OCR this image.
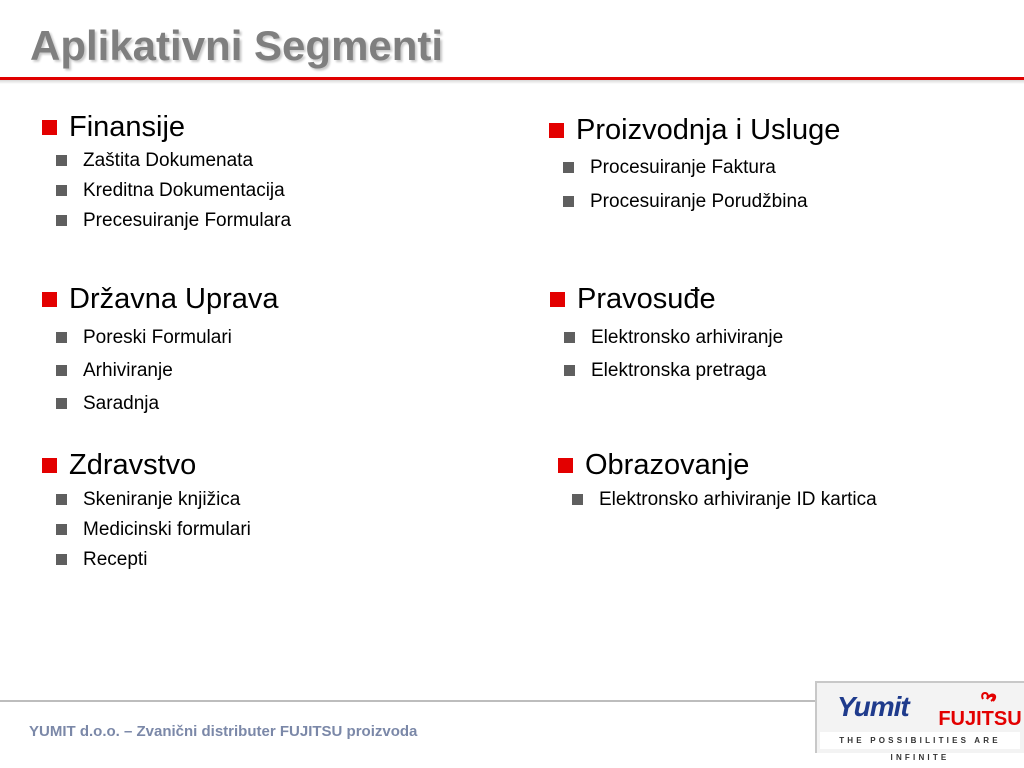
Aplikativni Segmenti
Finansije
Zaštita Dokumenata
Kreditna Dokumentacija
Precesuiranje Formulara
Proizvodnja i Usluge
Procesuiranje Faktura
Procesuiranje Porudžbina
Državna Uprava
Poreski Formulari
Arhiviranje
Saradnja
Pravosuđe
Elektronsko arhiviranje
Elektronska pretraga
Zdravstvo
Skeniranje knjižica
Medicinski formulari
Recepti
Obrazovanje
Elektronsko arhiviranje ID kartica
YUMIT d.o.o. – Zvanični distributer FUJITSU proizvoda
Yumit FUJITSU
THE POSSIBILITIES ARE INFINITE
